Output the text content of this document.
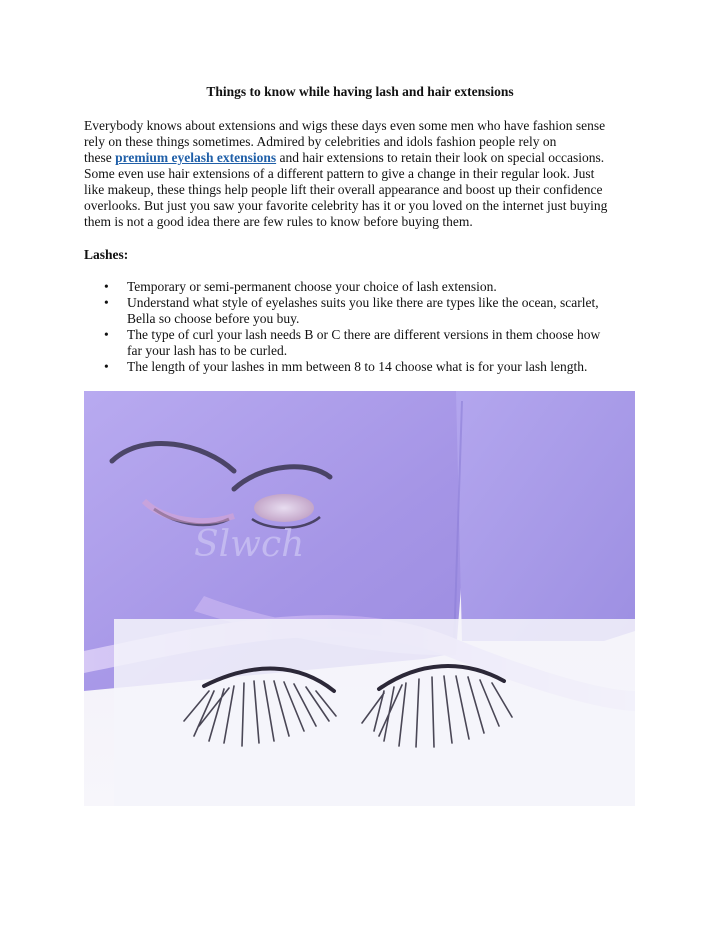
Things to know while having lash and hair extensions
Everybody knows about extensions and wigs these days even some men who have fashion sense
rely on these things sometimes. Admired by celebrities and idols fashion people rely on
these premium eyelash extensions and hair extensions to retain their look on special occasions.
Some even use hair extensions of a different pattern to give a change in their regular look. Just
like makeup, these things help people lift their overall appearance and boost up their confidence
overlooks. But just you saw your favorite celebrity has it or you loved on the internet just buying
them is not a good idea there are few rules to know before buying them.
Lashes:
• Temporary or semi-permanent choose your choice of lash extension.
• Understand what style of eyelashes suits you like there are types like the ocean, scarlet,
Bella so choose before you buy.
• The type of curl your lash needs B or C there are different versions in them choose how
far your lash has to be curled.
• The length of your lashes in mm between 8 to 14 choose what is for your lash length.
Slwch
